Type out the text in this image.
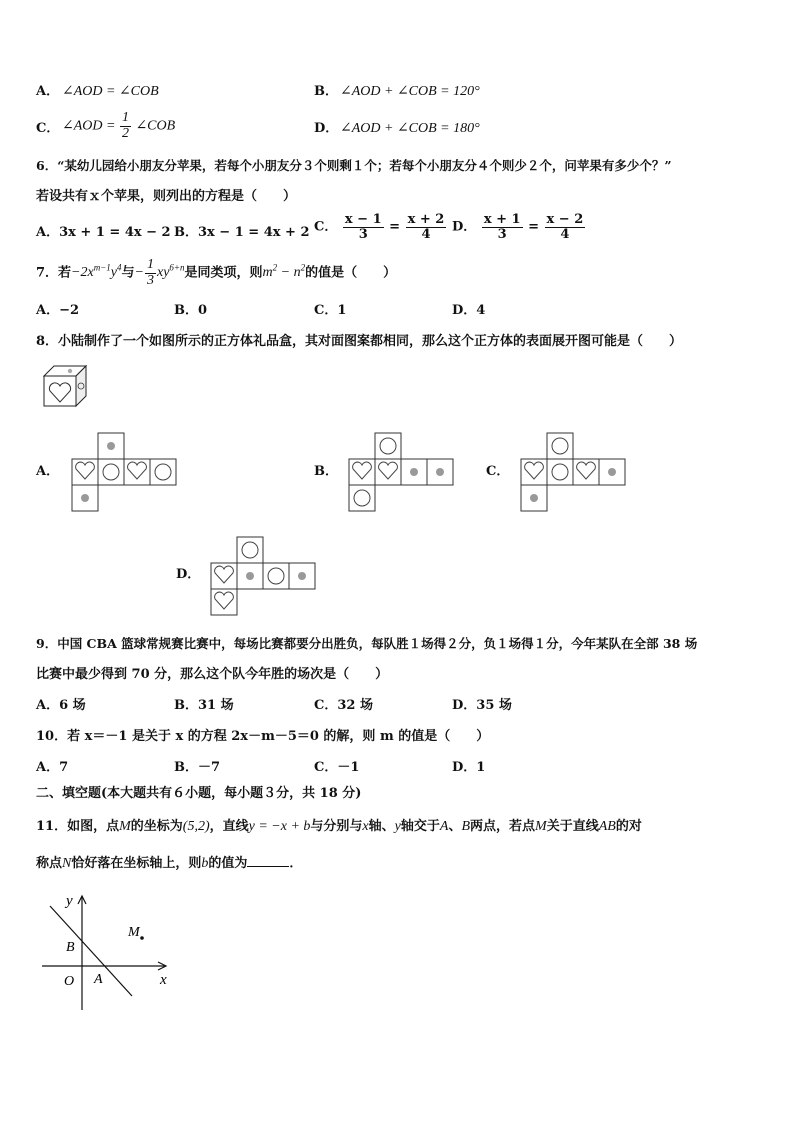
A． ∠AOD = ∠COB	B． ∠AOD + ∠COB = 120°
C． ∠AOD = $\frac{1}{2}$ ∠COB	D． ∠AOD + ∠COB = 180°
6．“某幼儿园给小朋友分苹果，若每个小朋友分３个则剩１个；若每个小朋友分４个则少２个，问苹果有多少个？”
若设共有ｘ个苹果，则列出的方程是（　　）
A．3x + 1 = 4x − 2 B．3x − 1 = 4x + 2 C． $\frac{x - 1}{3} = \frac{x + 2}{4}$ D． $\frac{x + 1}{3} = \frac{x - 2}{4}$
7．若$-2x^{m-1}y^4$与− $\frac{1}{3} xy^{6+n}$是同类项，则$m^2 - n^2$的值是（　　）
A．−2	B．0	C．1	D．4
8．小陆制作了一个如图所示的正方体礼品盒，其对面图案都相同，那么这个正方体的表面展开图可能是（　　）
A．	B．	C．
D．
9．中国 CBA 篮球常规赛比赛中，每场比赛都要分出胜负，每队胜１场得２分，负１场得１分，今年某队在全部 38 场
比赛中最少得到 70 分，那么这个队今年胜的场次是（　　）
A．6 场	B．31 场	C．32 场	D．35 场
10．若 x＝－1 是关于 x 的方程 2x－m－5＝0 的解，则 m 的值是（　　）
A．7	B．－7	C．－1	D．1
二、填空题(本大题共有６小题，每小题３分，共 18 分)
11．如图，点M的坐标为(5,2)，直线y = −x + b与分别与x轴、y轴交于A、B两点，若点M关于直线AB的对
称点N恰好落在坐标轴上，则b的值为	．
y
x
B
O A
M
